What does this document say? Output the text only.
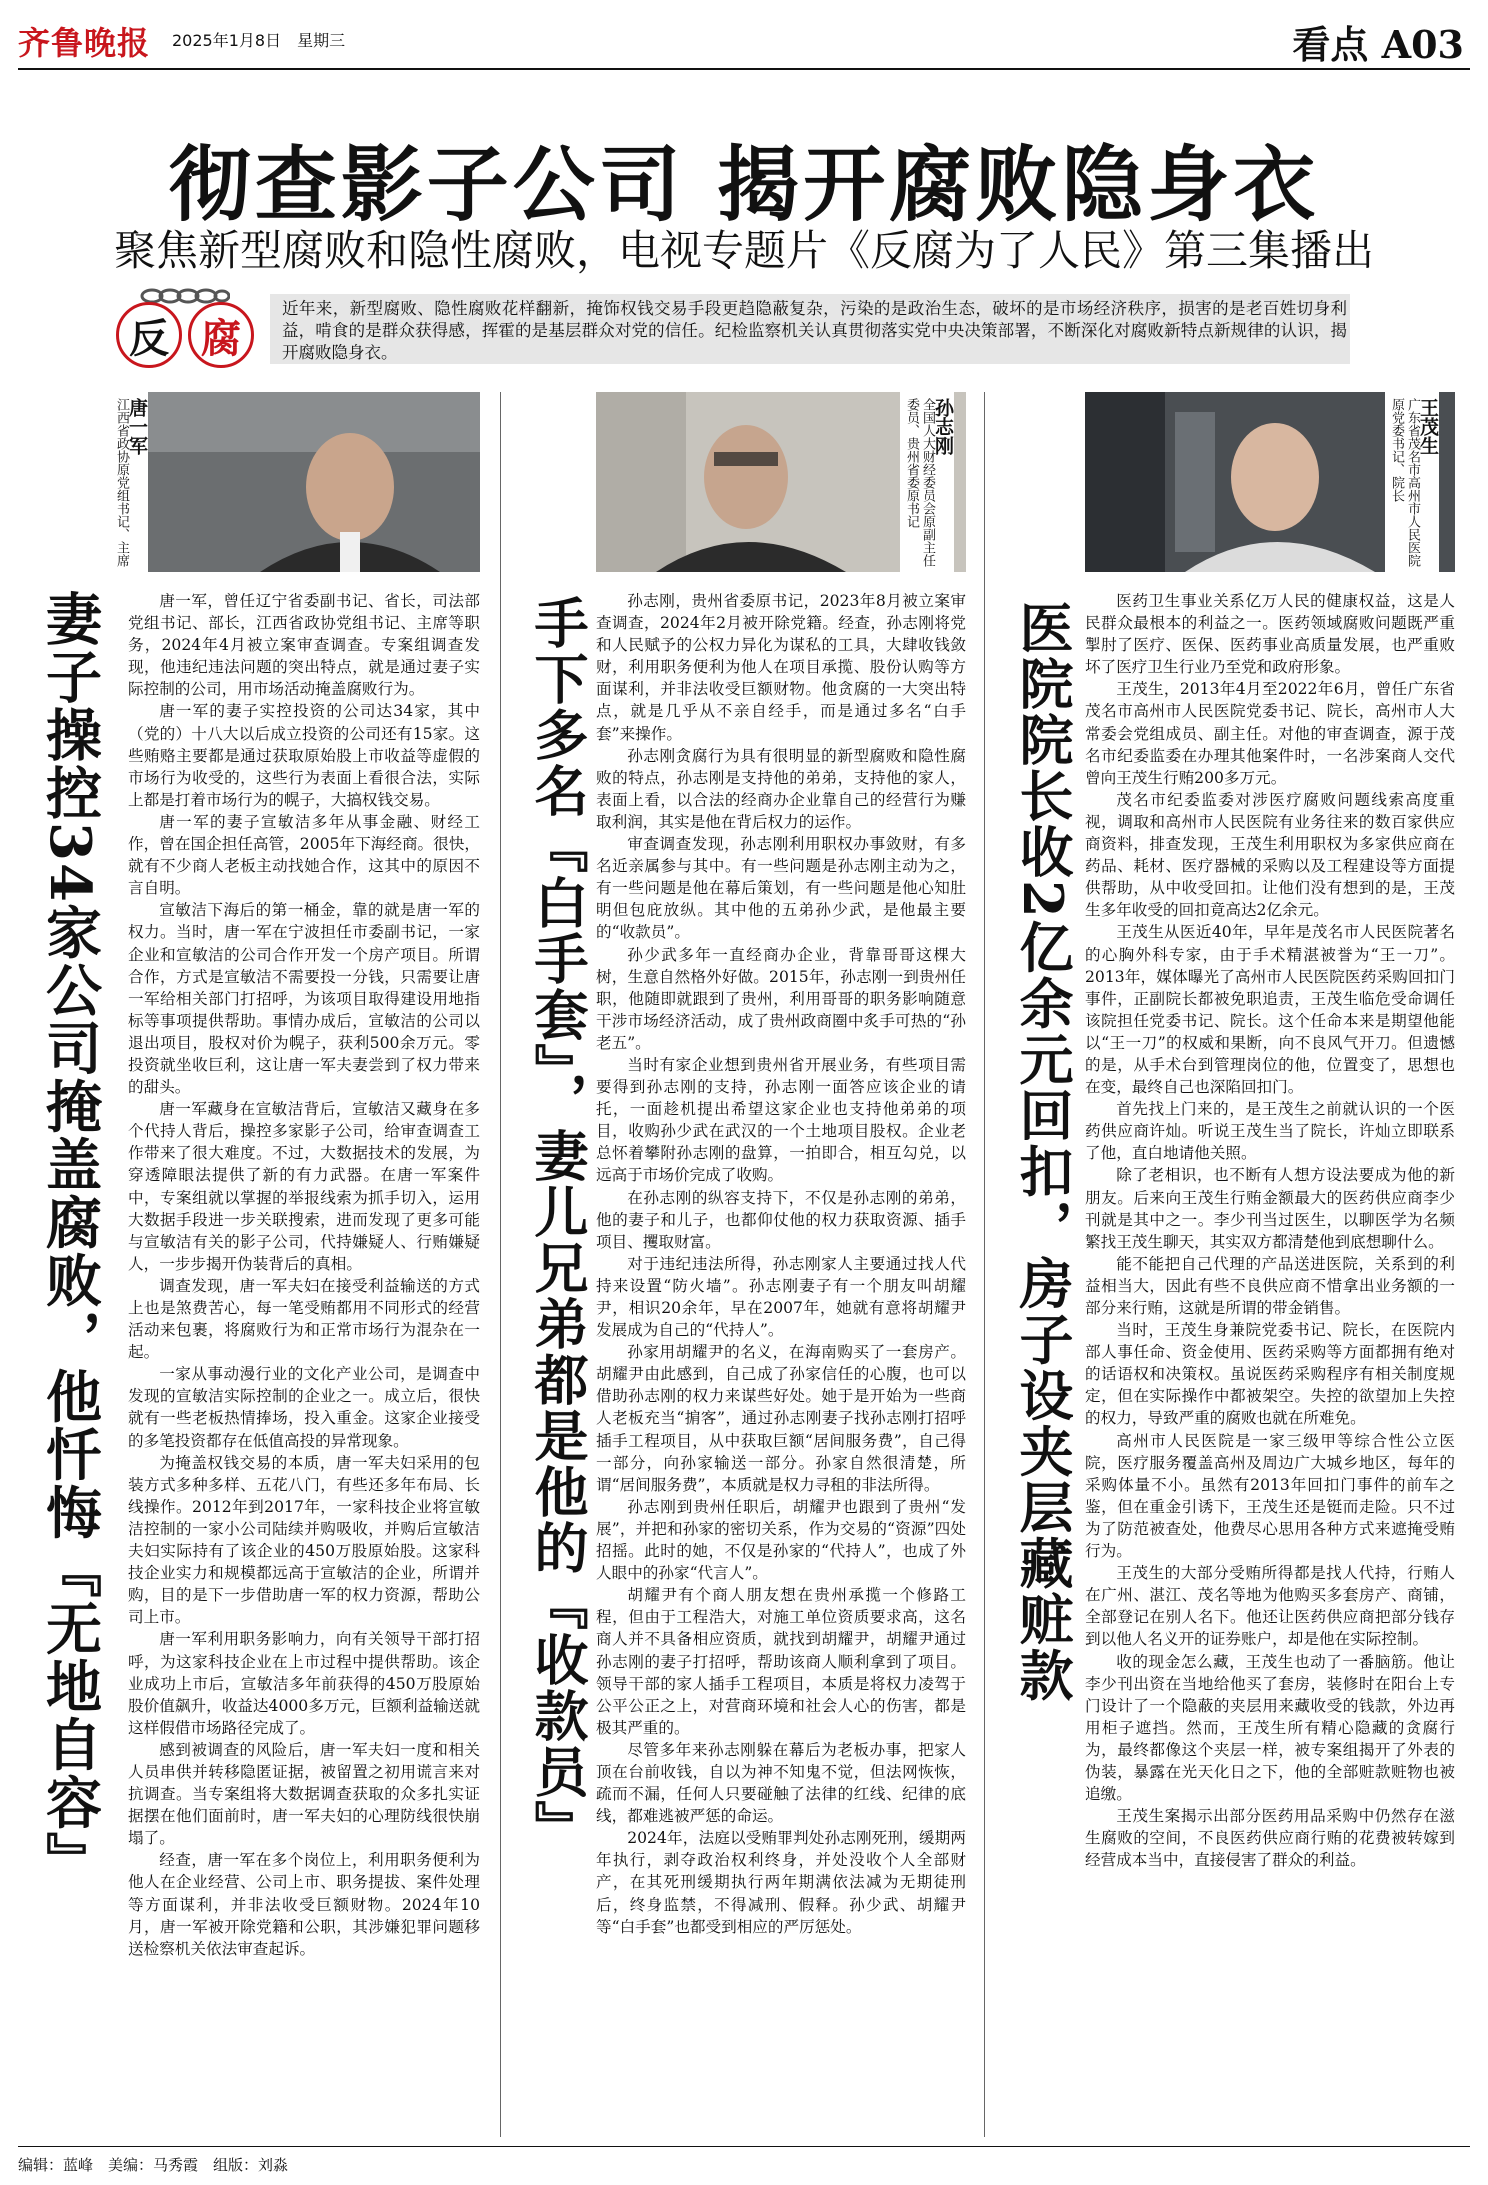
齐鲁晚报 2025年1月8日　 星期三	看点 A03
彻查影子公司 揭开腐败隐身衣
聚焦新型腐败和隐性腐败，电视专题片《反腐为了人民》第三集播出
反 腐
近年来，新型腐败、隐性腐败花样翻新，掩饰权钱交易手段更趋隐蔽复杂，污染的是政治生态，破坏的是市场经济秩序，损害的是老百姓切身利益，啃食的是群众获得感，挥霍的是基层群众对党的信任。纪检监察机关认真贯彻落实党中央决策部署，不断深化对腐败新特点新规律的认识，揭开腐败隐身衣。
唐一军
江西省政协原党组书记、主席
妻子操控34家公司掩盖腐败，他忏悔『无地自容』	唐一军，曾任辽宁省委副书记、省长，司法部党组书记、部长，江西省政协党组书记、主席等职务，2024年4月被立案审查调查。专案组调查发现，他违纪违法问题的突出特点，就是通过妻子实际控制的公司，用市场活动掩盖腐败行为。

唐一军的妻子实控投资的公司达34家，其中（党的）十八大以后成立投资的公司还有15家。这些贿赂主要都是通过获取原始股上市收益等虚假的市场行为收受的，这些行为表面上看很合法，实际上都是打着市场行为的幌子，大搞权钱交易。

唐一军的妻子宣敏洁多年从事金融、财经工作，曾在国企担任高管，2005年下海经商。很快，就有不少商人老板主动找她合作，这其中的原因不言自明。

宣敏洁下海后的第一桶金，靠的就是唐一军的权力。当时，唐一军在宁波担任市委副书记，一家企业和宣敏洁的公司合作开发一个房产项目。所谓合作，方式是宣敏洁不需要投一分钱，只需要让唐一军给相关部门打招呼，为该项目取得建设用地指标等事项提供帮助。事情办成后，宣敏洁的公司以退出项目，股权对价为幌子，获利500余万元。零投资就坐收巨利，这让唐一军夫妻尝到了权力带来的甜头。

唐一军藏身在宣敏洁背后，宣敏洁又藏身在多个代持人背后，操控多家影子公司，给审查调查工作带来了很大难度。不过，大数据技术的发展，为穿透障眼法提供了新的有力武器。在唐一军案件中，专案组就以掌握的举报线索为抓手切入，运用大数据手段进一步关联搜索，进而发现了更多可能与宣敏洁有关的影子公司，代持嫌疑人、行贿嫌疑人，一步步揭开伪装背后的真相。

调查发现，唐一军夫妇在接受利益输送的方式上也是煞费苦心，每一笔受贿都用不同形式的经营活动来包裹，将腐败行为和正常市场行为混杂在一起。

一家从事动漫行业的文化产业公司，是调查中发现的宣敏洁实际控制的企业之一。成立后，很快就有一些老板热情捧场，投入重金。这家企业接受的多笔投资都存在低值高投的异常现象。

为掩盖权钱交易的本质，唐一军夫妇采用的包装方式多种多样、五花八门，有些还多年布局、长线操作。2012年到2017年，一家科技企业将宣敏洁控制的一家小公司陆续并购吸收，并购后宣敏洁夫妇实际持有了该企业的450万股原始股。这家科技企业实力和规模都远高于宣敏洁的企业，所谓并购，目的是下一步借助唐一军的权力资源，帮助公司上市。

唐一军利用职务影响力，向有关领导干部打招呼，为这家科技企业在上市过程中提供帮助。该企业成功上市后，宣敏洁多年前获得的450万股原始股价值飙升，收益达4000多万元，巨额利益输送就这样假借市场路径完成了。

感到被调查的风险后，唐一军夫妇一度和相关人员串供并转移隐匿证据，被留置之初用谎言来对抗调查。当专案组将大数据调查获取的众多扎实证据摆在他们面前时，唐一军夫妇的心理防线很快崩塌了。

经查，唐一军在多个岗位上，利用职务便利为他人在企业经营、公司上市、职务提拔、案件处理等方面谋利，并非法收受巨额财物。2024年10月，唐一军被开除党籍和公职，其涉嫌犯罪问题移送检察机关依法审查起诉。

孙志刚
全国人大财经委员会原副主任委员、贵州省委原书记
手下多名『白手套』，妻儿兄弟都是他的『收款员』	孙志刚，贵州省委原书记，2023年8月被立案审查调查，2024年2月被开除党籍。经查，孙志刚将党和人民赋予的公权力异化为谋私的工具，大肆收钱敛财，利用职务便利为他人在项目承揽、股份认购等方面谋利，并非法收受巨额财物。他贪腐的一大突出特点，就是几乎从不亲自经手，而是通过多名“白手套”来操作。

孙志刚贪腐行为具有很明显的新型腐败和隐性腐败的特点，孙志刚是支持他的弟弟，支持他的家人，表面上看，以合法的经商办企业靠自己的经营行为赚取利润，其实是他在背后权力的运作。

审查调查发现，孙志刚利用职权办事敛财，有多名近亲属参与其中。有一些问题是孙志刚主动为之，有一些问题是他在幕后策划，有一些问题是他心知肚明但包庇放纵。其中他的五弟孙少武，是他最主要的“收款员”。

孙少武多年一直经商办企业，背靠哥哥这棵大树，生意自然格外好做。2015年，孙志刚一到贵州任职，他随即就跟到了贵州，利用哥哥的职务影响随意干涉市场经济活动，成了贵州政商圈中炙手可热的“孙老五”。

当时有家企业想到贵州省开展业务，有些项目需要得到孙志刚的支持，孙志刚一面答应该企业的请托，一面趁机提出希望这家企业也支持他弟弟的项目，收购孙少武在武汉的一个土地项目股权。企业老总怀着攀附孙志刚的盘算，一拍即合，相互勾兑，以远高于市场价完成了收购。

在孙志刚的纵容支持下，不仅是孙志刚的弟弟，他的妻子和儿子，也都仰仗他的权力获取资源、插手项目、攫取财富。

对于违纪违法所得，孙志刚家人主要通过找人代持来设置“防火墙”。孙志刚妻子有一个朋友叫胡耀尹，相识20余年，早在2007年，她就有意将胡耀尹发展成为自己的“代持人”。

孙家用胡耀尹的名义，在海南购买了一套房产。胡耀尹由此感到，自己成了孙家信任的心腹，也可以借助孙志刚的权力来谋些好处。她于是开始为一些商人老板充当“掮客”，通过孙志刚妻子找孙志刚打招呼插手工程项目，从中获取巨额“居间服务费”，自己得一部分，向孙家输送一部分。孙家自然很清楚，所谓“居间服务费”，本质就是权力寻租的非法所得。

孙志刚到贵州任职后，胡耀尹也跟到了贵州“发展”，并把和孙家的密切关系，作为交易的“资源”四处招摇。此时的她，不仅是孙家的“代持人”，也成了外人眼中的孙家“代言人”。

胡耀尹有个商人朋友想在贵州承揽一个修路工程，但由于工程浩大，对施工单位资质要求高，这名商人并不具备相应资质，就找到胡耀尹，胡耀尹通过孙志刚的妻子打招呼，帮助该商人顺利拿到了项目。领导干部的家人插手工程项目，本质是将权力凌驾于公平公正之上，对营商环境和社会人心的伤害，都是极其严重的。

尽管多年来孙志刚躲在幕后为老板办事，把家人顶在台前收钱，自以为神不知鬼不觉，但法网恢恢，疏而不漏，任何人只要碰触了法律的红线、纪律的底线，都难逃被严惩的命运。

2024年，法庭以受贿罪判处孙志刚死刑，缓期两年执行，剥夺政治权利终身，并处没收个人全部财产，在其死刑缓期执行两年期满依法减为无期徒刑后，终身监禁，不得减刑、假释。孙少武、胡耀尹等“白手套”也都受到相应的严厉惩处。

王茂生
广东省茂名市高州市人民医院原党委书记、院长
医院院长收2亿余元回扣，房子设夹层藏赃款	医药卫生事业关系亿万人民的健康权益，这是人民群众最根本的利益之一。医药领域腐败问题既严重掣肘了医疗、医保、医药事业高质量发展，也严重败坏了医疗卫生行业乃至党和政府形象。

王茂生，2013年4月至2022年6月，曾任广东省茂名市高州市人民医院党委书记、院长，高州市人大常委会党组成员、副主任。对他的审查调查，源于茂名市纪委监委在办理其他案件时，一名涉案商人交代曾向王茂生行贿200多万元。

茂名市纪委监委对涉医疗腐败问题线索高度重视，调取和高州市人民医院有业务往来的数百家供应商资料，排查发现，王茂生利用职权为多家供应商在药品、耗材、医疗器械的采购以及工程建设等方面提供帮助，从中收受回扣。让他们没有想到的是，王茂生多年收受的回扣竟高达2亿余元。

王茂生从医近40年，早年是茂名市人民医院著名的心胸外科专家，由于手术精湛被誉为“王一刀”。2013年，媒体曝光了高州市人民医院医药采购回扣门事件，正副院长都被免职追责，王茂生临危受命调任该院担任党委书记、院长。这个任命本来是期望他能以“王一刀”的权威和果断，向不良风气开刀。但遗憾的是，从手术台到管理岗位的他，位置变了，思想也在变，最终自己也深陷回扣门。

首先找上门来的，是王茂生之前就认识的一个医药供应商许灿。听说王茂生当了院长，许灿立即联系了他，直白地请他关照。

除了老相识，也不断有人想方设法要成为他的新朋友。后来向王茂生行贿金额最大的医药供应商李少刊就是其中之一。李少刊当过医生，以聊医学为名频繁找王茂生聊天，其实双方都清楚他到底想聊什么。

能不能把自己代理的产品送进医院，关系到的利益相当大，因此有些不良供应商不惜拿出业务额的一部分来行贿，这就是所谓的带金销售。

当时，王茂生身兼院党委书记、院长，在医院内部人事任命、资金使用、医药采购等方面都拥有绝对的话语权和决策权。虽说医药采购程序有相关制度规定，但在实际操作中都被架空。失控的欲望加上失控的权力，导致严重的腐败也就在所难免。

高州市人民医院是一家三级甲等综合性公立医院，医疗服务覆盖高州及周边广大城乡地区，每年的采购体量不小。虽然有2013年回扣门事件的前车之鉴，但在重金引诱下，王茂生还是铤而走险。只不过为了防范被查处，他费尽心思用各种方式来遮掩受贿行为。

王茂生的大部分受贿所得都是找人代持，行贿人在广州、湛江、茂名等地为他购买多套房产、商铺，全部登记在别人名下。他还让医药供应商把部分钱存到以他人名义开的证券账户，却是他在实际控制。

收的现金怎么藏，王茂生也动了一番脑筋。他让李少刊出资在当地给他买了套房，装修时在阳台上专门设计了一个隐蔽的夹层用来藏收受的钱款，外边再用柜子遮挡。然而，王茂生所有精心隐藏的贪腐行为，最终都像这个夹层一样，被专案组揭开了外表的伪装，暴露在光天化日之下，他的全部赃款赃物也被追缴。

王茂生案揭示出部分医药用品采购中仍然存在滋生腐败的空间，不良医药供应商行贿的花费被转嫁到经营成本当中，直接侵害了群众的利益。

编辑：蓝峰　美编：马秀霞　组版：刘淼
